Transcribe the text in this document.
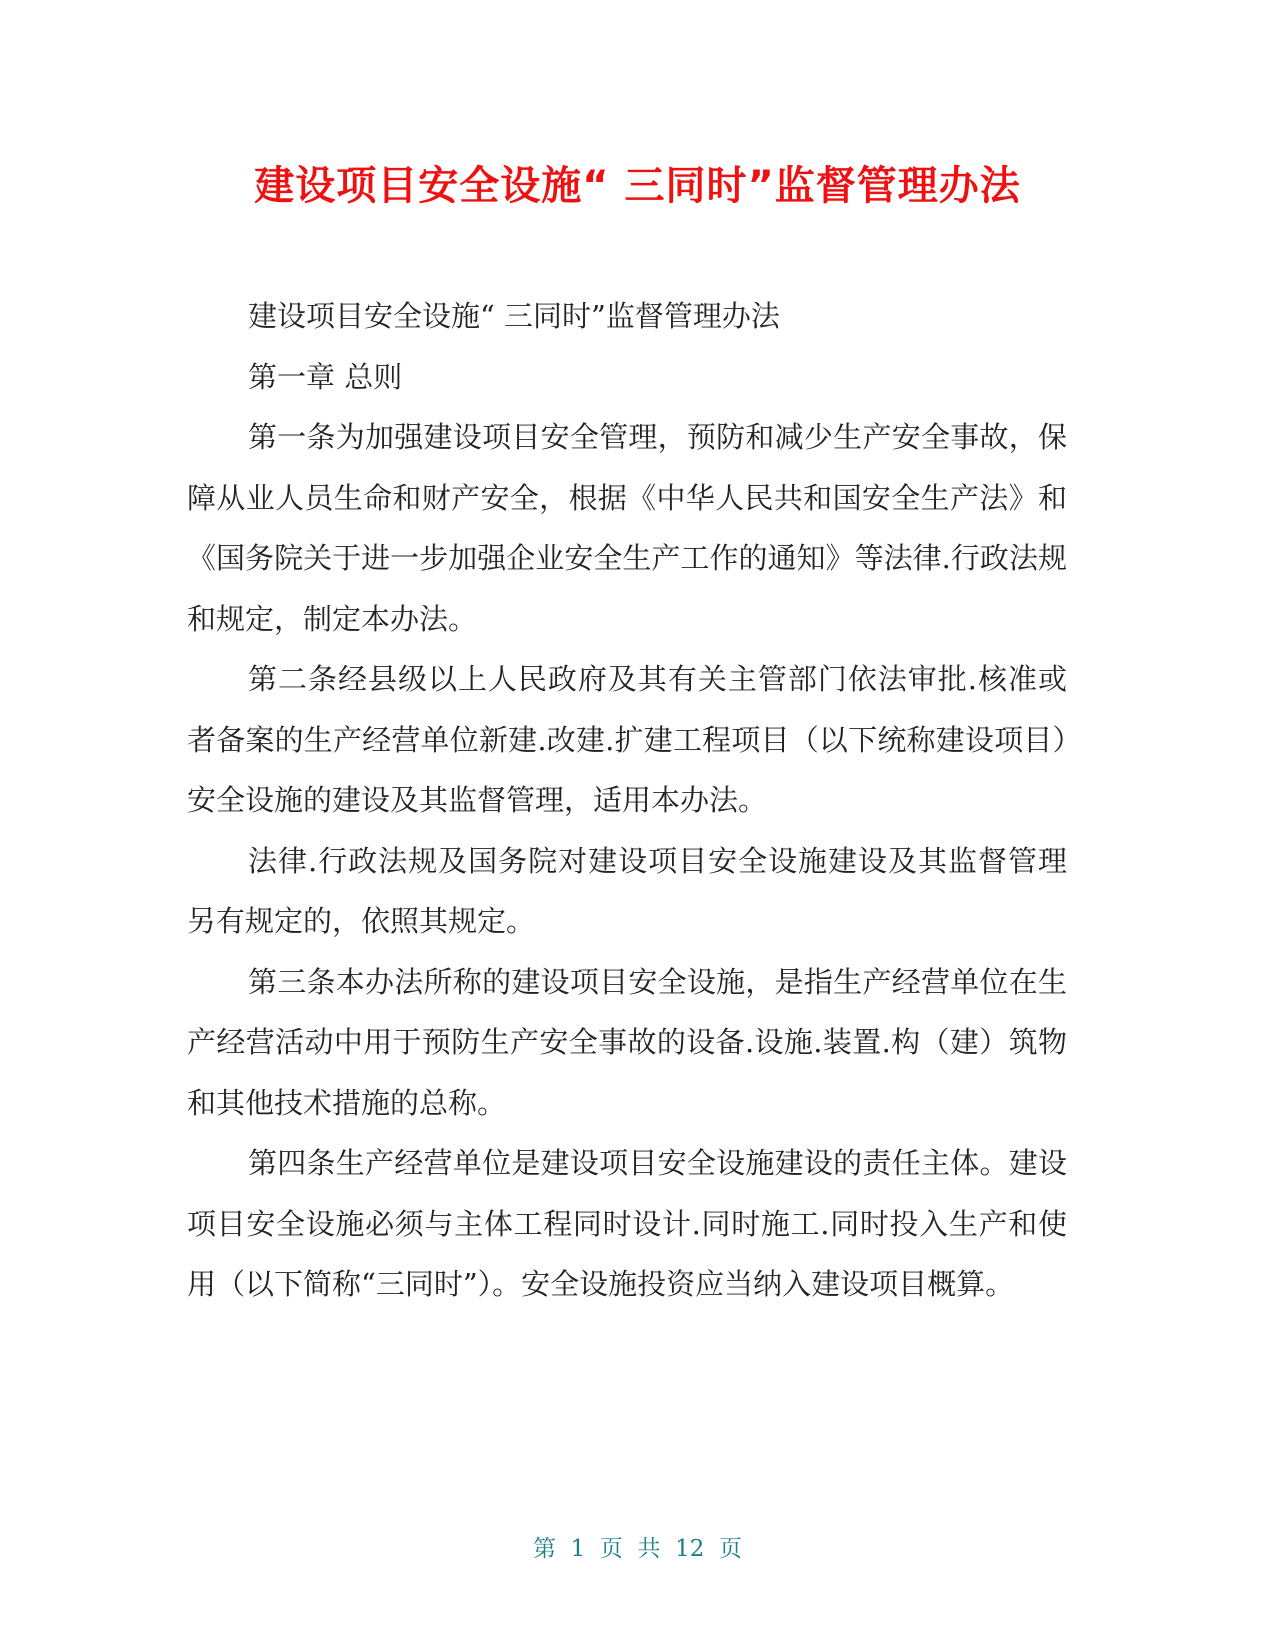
建设项目安全设施“ 三同时”监督管理办法

建设项目安全设施“ 三同时”监督管理办法

第一章 总则

第一条为加强建设项目安全管理，预防和减少生产安全事故，保障从业人员生命和财产安全，根据《中华人民共和国安全生产法》和《国务院关于进一步加强企业安全生产工作的通知》等法律.行政法规和规定，制定本办法。

第二条经县级以上人民政府及其有关主管部门依法审批.核准或者备案的生产经营单位新建.改建.扩建工程项目（以下统称建设项目）安全设施的建设及其监督管理，适用本办法。

法律.行政法规及国务院对建设项目安全设施建设及其监督管理另有规定的，依照其规定。

第三条本办法所称的建设项目安全设施，是指生产经营单位在生产经营活动中用于预防生产安全事故的设备.设施.装置.构（建）筑物和其他技术措施的总称。

第四条生产经营单位是建设项目安全设施建设的责任主体。建设项目安全设施必须与主体工程同时设计.同时施工.同时投入生产和使用（以下简称“三同时”）。安全设施投资应当纳入建设项目概算。

第  1  页  共  12  页
